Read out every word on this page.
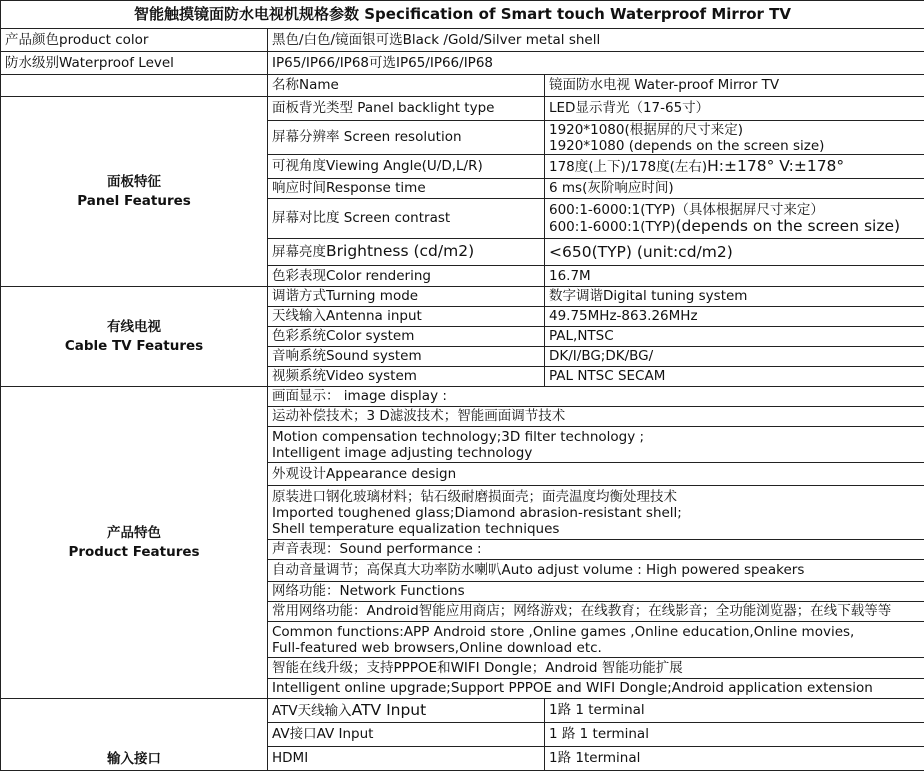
智能触摸镜面防水电视机规格参数 Specification of Smart touch Waterproof Mirror TV		
产品颜色product color	黑色/白色/镜面银可选Black /Gold/Silver metal shell	
防水级别Waterproof Level	IP65/IP66/IP68可选IP65/IP66/IP68	
	名称Name	镜面防水电视 Water-proof Mirror TV

面板特征
Panel Features	面板背光类型 Panel backlight type	LED显示背光（17-65寸）
	屏幕分辨率 Screen resolution	1920*1080(根据屏的尺寸来定)
1920*1080 (depends on the screen size)

	可视角度Viewing Angle(U/D,L/R)	178度(上下)/178度(左右)H:±178° V:±178°
	响应时间Response time	6 ms(灰阶响应时间)
	屏幕对比度 Screen contrast	600:1-6000:1(TYP)（具体根据屏尺寸来定）
600:1-6000:1(TYP)(depends on the screen size)

	屏幕亮度Brightness (cd/m2)	<650(TYP) (unit:cd/m2)
	色彩表现Color rendering	16.7M

有线电视
Cable TV Features	调谐方式Turning mode	数字调谐Digital tuning system
	天线输入Antenna input	49.75MHz-863.26MHz
	色彩系统Color system	PAL,NTSC
	音响系统Sound system	DK/I/BG;DK/BG/
	视频系统Video system	PAL NTSC SECAM

产品特色
Product Features	画面显示： image display :	
	运动补偿技术；3 D滤波技术；智能画面调节技术	

	Motion compensation technology;3D filter technology ;
Intelligent image adjusting technology	

	外观设计Appearance design	

	原装进口钢化玻璃材料；钻石级耐磨损面壳；面壳温度均衡处理技术
Imported toughened glass;Diamond abrasion-resistant shell;
Shell temperature equalization techniques	

	声音表现：Sound performance :	
	自动音量调节；高保真大功率防水喇叭Auto adjust volume : High powered speakers	
	网络功能：Network Functions	
	常用网络功能：Android智能应用商店；网络游戏；在线教育；在线影音；全功能浏览器；在线下载等等	

	Common functions:APP Android store ,Online games ,Online education,Online movies,
Full-featured web browsers,Online download etc.	

	智能在线升级；支持PPPOE和WIFI Dongle；Android 智能功能扩展	
	Intelligent online upgrade;Support PPPOE and WIFI Dongle;Android application extension	

输入接口	ATV天线输入ATV Input	1路 1 terminal
	AV接口AV Input	1 路 1 terminal
	HDMI	1路 1terminal
